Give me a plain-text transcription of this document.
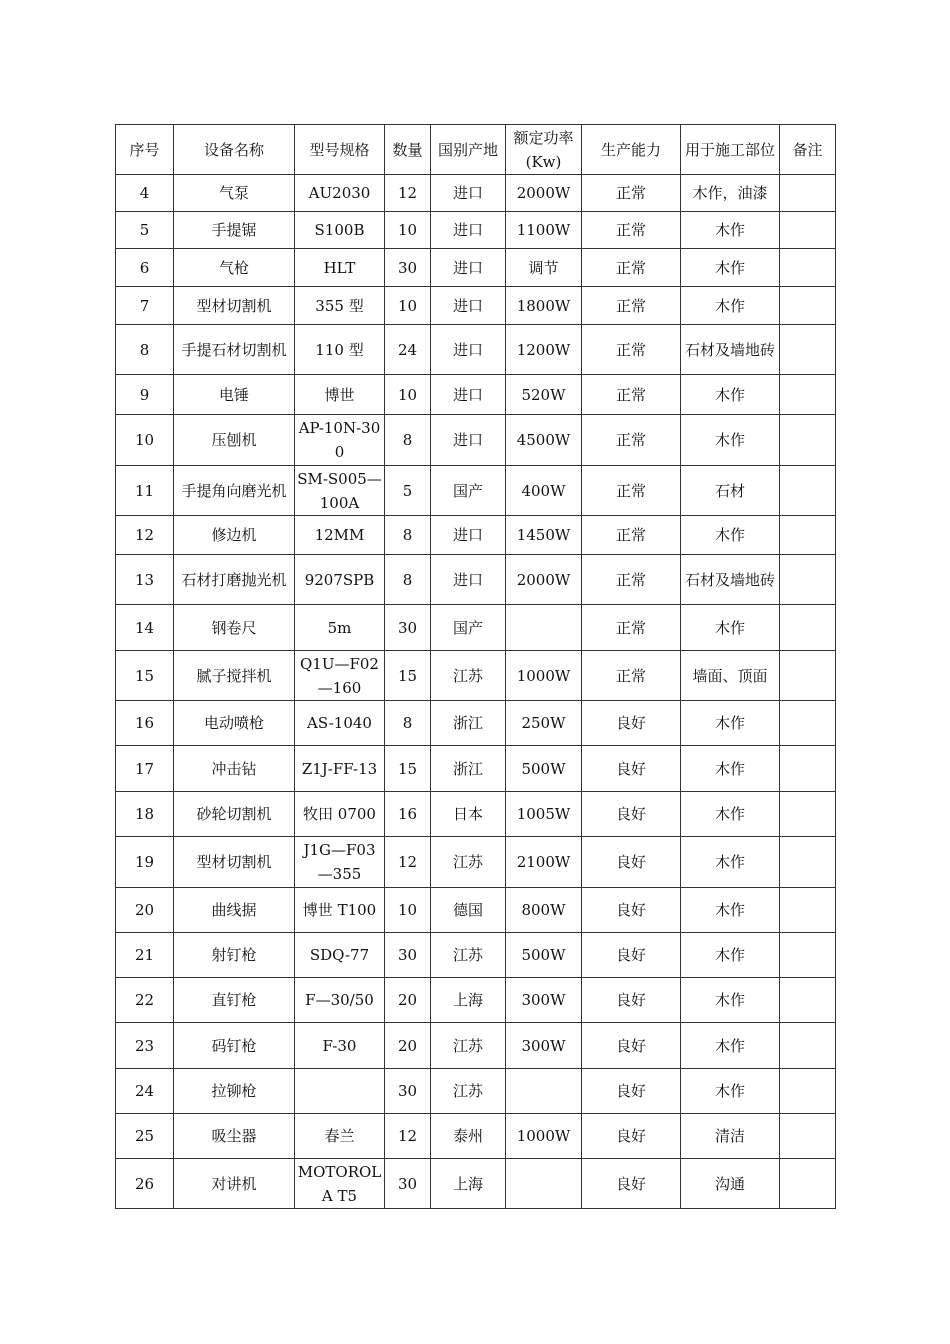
序号	设备名称	型号规格	数量	国别产地	额定功率(Kw)	生产能力	用于施工部位	备注
4	气泵	AU2030	12	进口	2000W	正常	木作，油漆	
5	手提锯	S100B	10	进口	1100W	正常	木作	
6	气枪	HLT	30	进口	调节	正常	木作	
7	型材切割机	355 型	10	进口	1800W	正常	木作	
8	手提石材切割机	110 型	24	进口	1200W	正常	石材及墙地砖	
9	电锤	博世	10	进口	520W	正常	木作	
10	压刨机	AP-10N-300	8	进口	4500W	正常	木作	
11	手提角向磨光机	SM-S005—100A	5	国产	400W	正常	石材	
12	修边机	12MM	8	进口	1450W	正常	木作	
13	石材打磨抛光机	9207SPB	8	进口	2000W	正常	石材及墙地砖	
14	钢卷尺	5m	30	国产		正常	木作	
15	腻子搅拌机	Q1U—F02—160	15	江苏	1000W	正常	墙面、顶面	
16	电动喷枪	AS-1040	8	浙江	250W	良好	木作	
17	冲击钻	Z1J-FF-13	15	浙江	500W	良好	木作	
18	砂轮切割机	牧田 0700	16	日本	1005W	良好	木作	
19	型材切割机	J1G—F03—355	12	江苏	2100W	良好	木作	
20	曲线据	博世 T100	10	德国	800W	良好	木作	
21	射钉枪	SDQ-77	30	江苏	500W	良好	木作	
22	直钉枪	F—30/50	20	上海	300W	良好	木作	
23	码钉枪	F-30	20	江苏	300W	良好	木作	
24	拉铆枪		30	江苏		良好	木作	
25	吸尘器	春兰	12	泰州	1000W	良好	清洁	
26	对讲机	MOTOROLA T5	30	上海		良好	沟通	
